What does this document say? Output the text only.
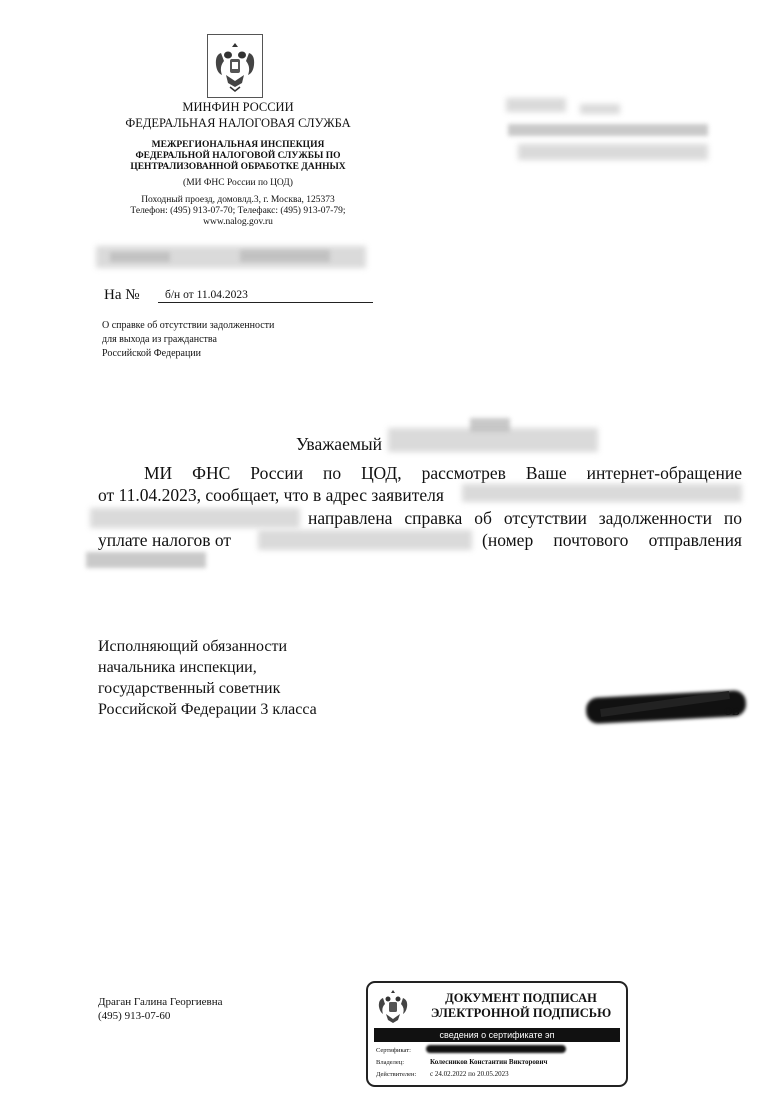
МИНФИН РОССИИ
ФЕДЕРАЛЬНАЯ НАЛОГОВАЯ СЛУЖБА
МЕЖРЕГИОНАЛЬНАЯ ИНСПЕКЦИЯ
ФЕДЕРАЛЬНОЙ НАЛОГОВОЙ СЛУЖБЫ ПО
ЦЕНТРАЛИЗОВАННОЙ ОБРАБОТКЕ ДАННЫХ
(МИ ФНС России по ЦОД)
Походный проезд, домовлд.3, г. Москва, 125373
Телефон: (495) 913-07-70; Телефакс: (495) 913-07-79;
www.nalog.gov.ru
На № б/н от 11.04.2023
О справке об отсутствии задолженности
для выхода из гражданства
Российской Федерации
Уважаемый
МИ ФНС России по ЦОД, рассмотрев Ваше интернет-обращение
от 11.04.2023, сообщает, что в адрес заявителя
направлена справка об отсутствии задолженности по
уплате налогов от	(номер почтового отправления
Исполняющий обязанности
начальника инспекции,
государственный советник
Российской Федерации 3 класса	ов
Драган Галина Георгиевна
(495) 913-07-60
ДОКУМЕНТ ПОДПИСАН
ЭЛЕКТРОННОЙ ПОДПИСЬЮ
сведения о сертификате эп
Сертификат:
Владелец:	Колесников Константин Викторович
Действителен: с 24.02.2022 по 20.05.2023
